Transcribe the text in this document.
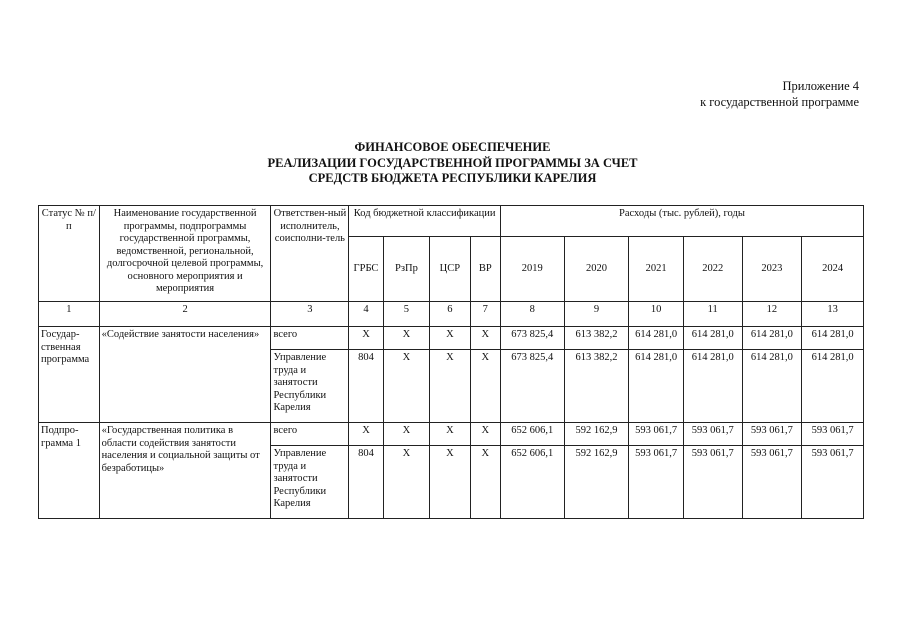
Приложение 4
к государственной программе
ФИНАНСОВОЕ ОБЕСПЕЧЕНИЕ
РЕАЛИЗАЦИИ ГОСУДАРСТВЕННОЙ ПРОГРАММЫ ЗА СЧЕТ
СРЕДСТВ БЮДЖЕТА РЕСПУБЛИКИ КАРЕЛИЯ
Статус № п/п	Наименование государственной программы, подпрограммы государственной программы, ведомственной, региональной, долгосрочной целевой программы, основного мероприятия и мероприятия	Ответствен-ный исполнитель, соисполни-тель	Код бюджетной классификации				Расходы (тыс. рублей), годы					
			ГРБС	РзПр	ЦСР	ВР	2019	2020	2021	2022	2023	2024
1	2	3	4	5	6	7	8	9	10	11	12	13
Государ-ственная программа	«Содействие занятости населения»	всего	Х	Х	Х	Х	673 825,4	613 382,2	614 281,0	614 281,0	614 281,0	614 281,0
		Управление труда и занятости Республики Карелия	804	Х	Х	Х	673 825,4	613 382,2	614 281,0	614 281,0	614 281,0	614 281,0
Подпро-грамма 1	«Государственная политика в области содействия занятости населения и социальной защиты от безработицы»	всего	Х	Х	Х	Х	652 606,1	592 162,9	593 061,7	593 061,7	593 061,7	593 061,7
		Управление труда и занятости Республики Карелия	804	Х	Х	Х	652 606,1	592 162,9	593 061,7	593 061,7	593 061,7	593 061,7
